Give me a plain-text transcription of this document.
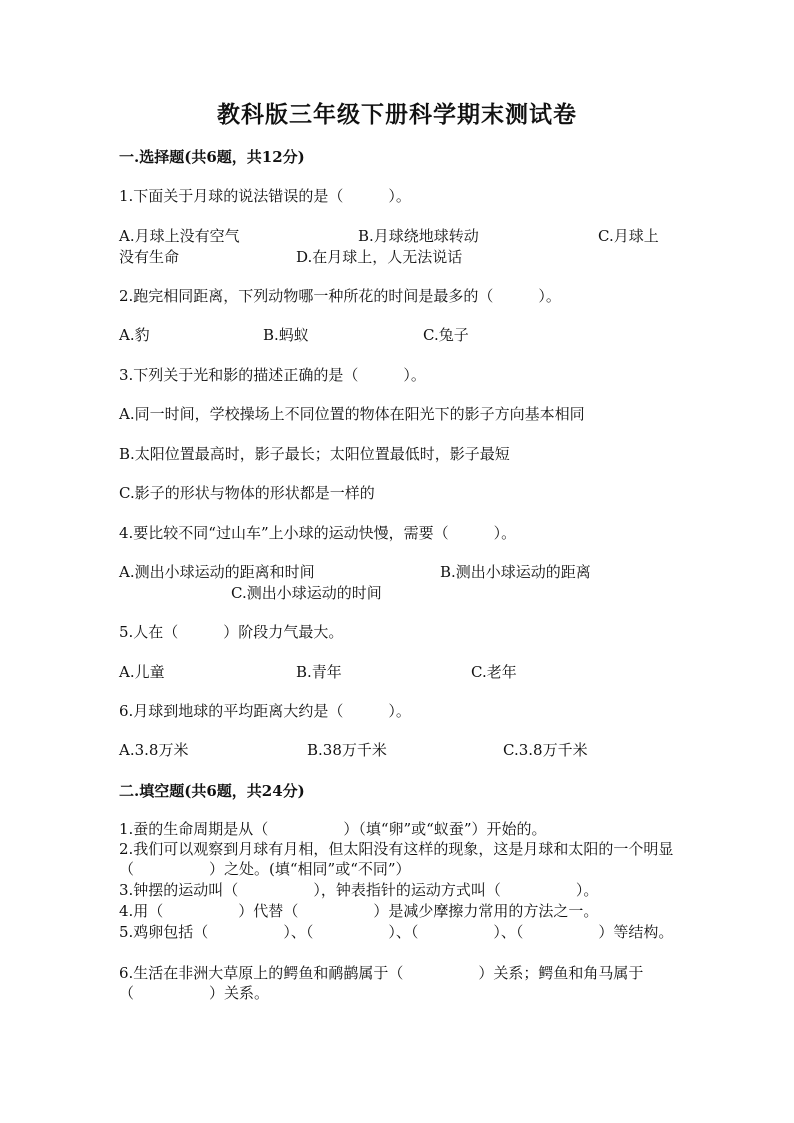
教科版三年级下册科学期末测试卷
一.选择题(共6题，共12分)
1.下面关于月球的说法错误的是（　　　）。
A.月球上没有空气	B.月球绕地球转动	C.月球上
没有生命	D.在月球上，人无法说话
2.跑完相同距离，下列动物哪一种所花的时间是最多的（　　　）。
A.豹	B.蚂蚁	C.兔子
3.下列关于光和影的描述正确的是（　　　）。
A.同一时间，学校操场上不同位置的物体在阳光下的影子方向基本相同
B.太阳位置最高时，影子最长；太阳位置最低时，影子最短
C.影子的形状与物体的形状都是一样的
4.要比较不同“过山车”上小球的运动快慢，需要（　　　）。
A.测出小球运动的距离和时间	B.测出小球运动的距离
C.测出小球运动的时间
5.人在（　　　）阶段力气最大。
A.儿童	B.青年	C.老年
6.月球到地球的平均距离大约是（　　　）。
A.3.8万米	B.38万千米	C.3.8万千米
二.填空题(共6题，共24分)
1.蚕的生命周期是从（　　　　　）（填“卵”或“蚁蚕”）开始的。
2.我们可以观察到月球有月相，但太阳没有这样的现象，这是月球和太阳的一个明显（　　　　　）之处。(填“相同”或“不同”）
3.钟摆的运动叫（　　　　　），钟表指针的运动方式叫（　　　　　）。
4.用（　　　　　）代替（　　　　　）是减少摩擦力常用的方法之一。
5.鸡卵包括（　　　　　）、（　　　　　）、（　　　　　）、（　　　　　）等结构。
6.生活在非洲大草原上的鳄鱼和鸸鹋属于（　　　　　）关系；鳄鱼和角马属于（　　　　　）关系。
